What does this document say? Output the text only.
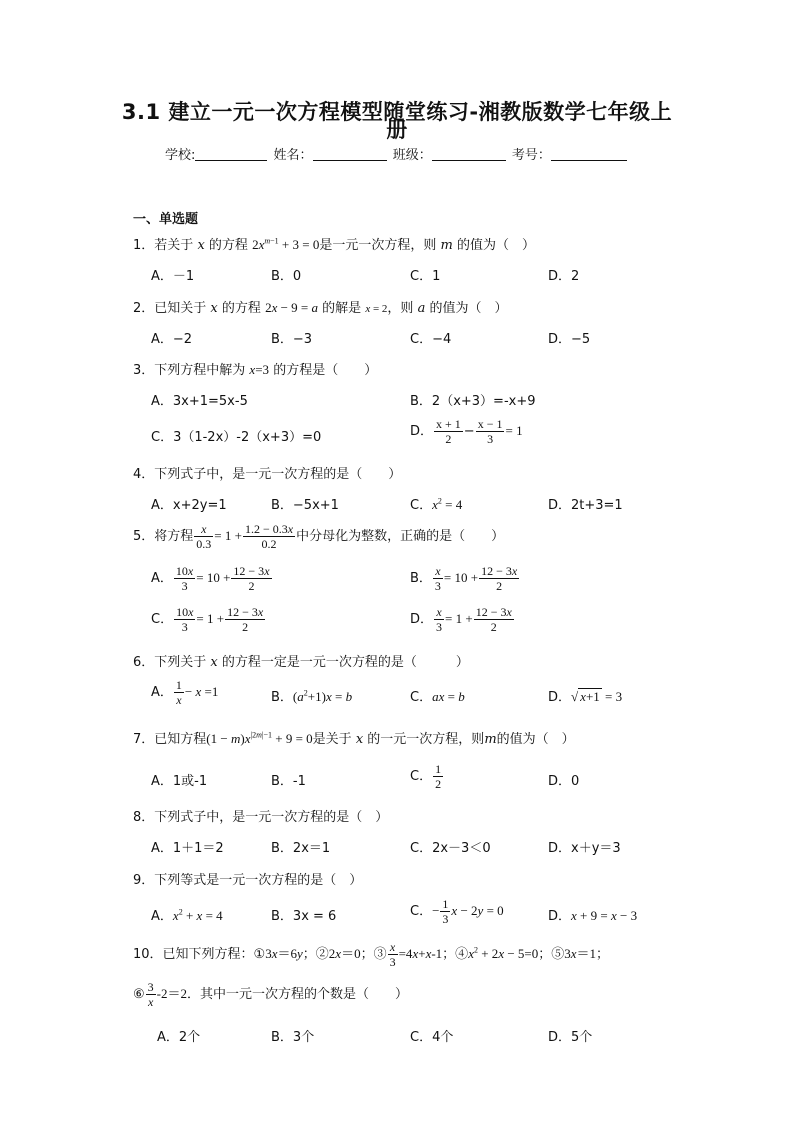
3.1 建立一元一次方程模型随堂练习-湘教版数学七年级上
册
学校:	姓名：	班级：	考号：
一、单选题
1．若关于 x 的方程 $2x^{m-1} + 3 = 0$是一元一次方程，则 m 的值为（　）
A．－1	B．0	C．1	D．2
2．已知关于 x 的方程 2x − 9 = a 的解是 x = 2，则 a 的值为（　）
A．−2	B．−3	C．−4	D．−5
3．下列方程中解为 x=3 的方程是（　　）
A．3x+1=5x-5	B．2（x+3）=-x+9
C．3（1-2x）-2（x+3）=0	D． $\frac{x + 1}{2} - \frac{x - 1}{3} = 1$
4．下列式子中，是一元一次方程的是（　　）
A．x+2y=1	B．−5x+1	C．$x^2 = 4$	D．2t+3=1
5．将方程 $\frac{x}{0.3} = 1 + \frac{1.2 - 0.3x}{0.2}$ 中分母化为整数，正确的是（　　）
A． $\frac{10x}{3} = 10 + \frac{12 - 3x}{2}$	B． $\frac{x}{3} = 10 + \frac{12 - 3x}{2}$
C． $\frac{10x}{3} = 1 + \frac{12 - 3x}{2}$	D． $\frac{x}{3} = 1 + \frac{12 - 3x}{2}$
6．下列关于 x 的方程一定是一元一次方程的是（　　　）
A． $\frac{1}{x} - x =1$	B．$(a^2+1)x = b$	C．ax = b	D．√ x+1 = 3
7．已知方程$(1 - m)x^{|2m|-1} + 9 = 0$是关于 x 的一元一次方程，则m的值为（　）
A．1或-1	B．-1	C． $\frac{1}{2}$	D．0
8．下列式子中，是一元一次方程的是（　）
A．1＋1＝2	B．2x＝1	C．2x－3＜0	D．x＋y＝3
9．下列等式是一元一次方程的是（　）
A．$x^2 + x = 4$	B．3x = 6	C．− $\frac{1}{3}$ x − 2y = 0	D．x + 9 = x − 3
10．已知下列方程：①3x＝6y；②2x＝0；③ $\frac{x}{3} =4x+x-1$；$④x^2 + 2x - 5=0$；⑤3x＝1；
⑥ $\frac{3}{x} -2=2$．其中一元一次方程的个数是（　　）
A．2个	B．3个	C．4个	D．5个
